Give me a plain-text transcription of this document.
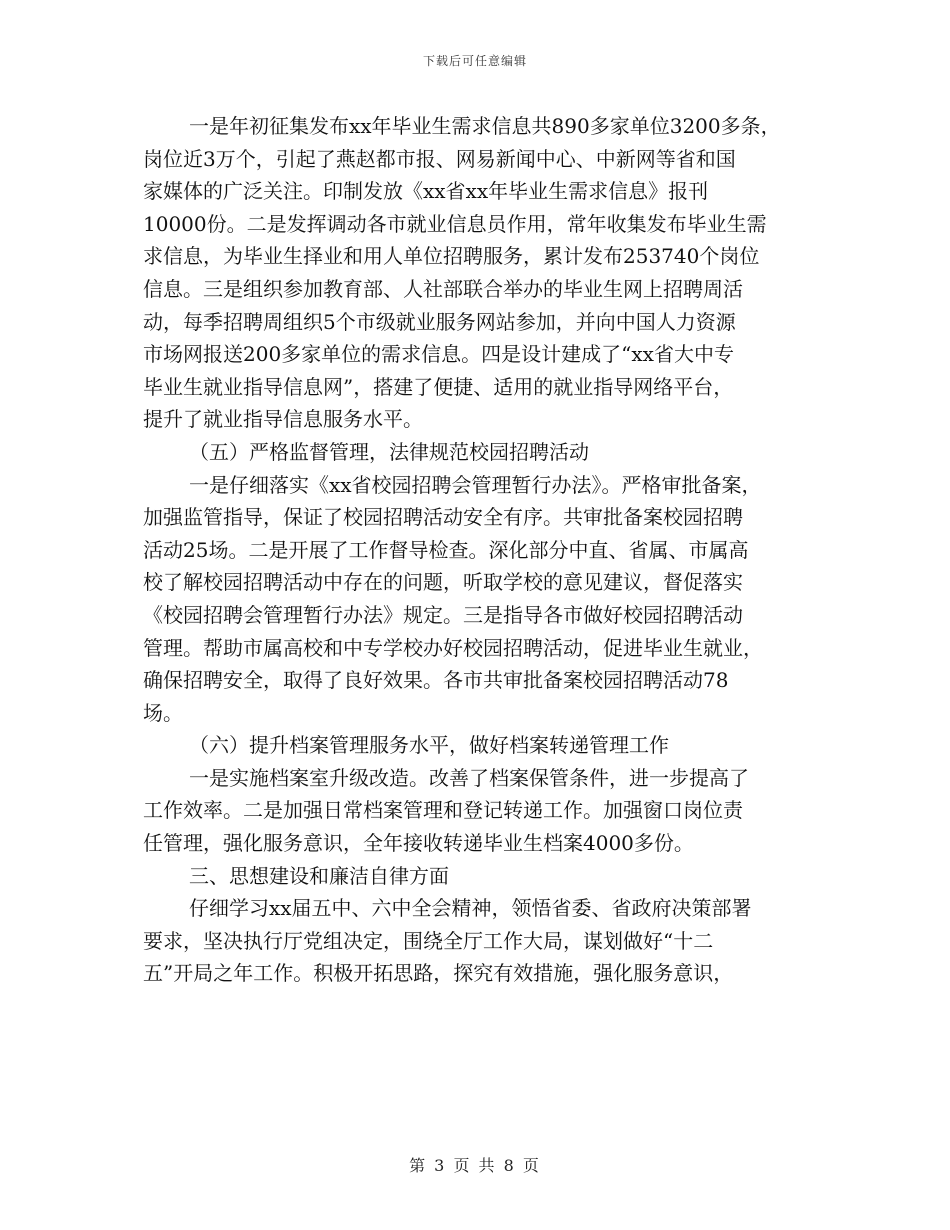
下载后可任意编辑
一是年初征集发布xx年毕业生需求信息共890多家单位3200多条，
岗位近3万个，引起了燕赵都市报、网易新闻中心、中新网等省和国
家媒体的广泛关注。印制发放《xx省xx年毕业生需求信息》报刊
10000份。二是发挥调动各市就业信息员作用，常年收集发布毕业生需
求信息，为毕业生择业和用人单位招聘服务，累计发布253740个岗位
信息。三是组织参加教育部、人社部联合举办的毕业生网上招聘周活
动，每季招聘周组织5个市级就业服务网站参加，并向中国人力资源
市场网报送200多家单位的需求信息。四是设计建成了“xx省大中专
毕业生就业指导信息网”，搭建了便捷、适用的就业指导网络平台，
提升了就业指导信息服务水平。
（五）严格监督管理，法律规范校园招聘活动
一是仔细落实《xx省校园招聘会管理暂行办法》。严格审批备案，
加强监管指导，保证了校园招聘活动安全有序。共审批备案校园招聘
活动25场。二是开展了工作督导检查。深化部分中直、省属、市属高
校了解校园招聘活动中存在的问题，听取学校的意见建议，督促落实
《校园招聘会管理暂行办法》规定。三是指导各市做好校园招聘活动
管理。帮助市属高校和中专学校办好校园招聘活动，促进毕业生就业，
确保招聘安全，取得了良好效果。各市共审批备案校园招聘活动78
场。
（六）提升档案管理服务水平，做好档案转递管理工作
一是实施档案室升级改造。改善了档案保管条件，进一步提高了
工作效率。二是加强日常档案管理和登记转递工作。加强窗口岗位责
任管理，强化服务意识，全年接收转递毕业生档案4000多份。
三、思想建设和廉洁自律方面
仔细学习xx届五中、六中全会精神，领悟省委、省政府决策部署
要求，坚决执行厅党组决定，围绕全厅工作大局，谋划做好“十二
五”开局之年工作。积极开拓思路，探究有效措施，强化服务意识，
第 3 页 共 8 页
